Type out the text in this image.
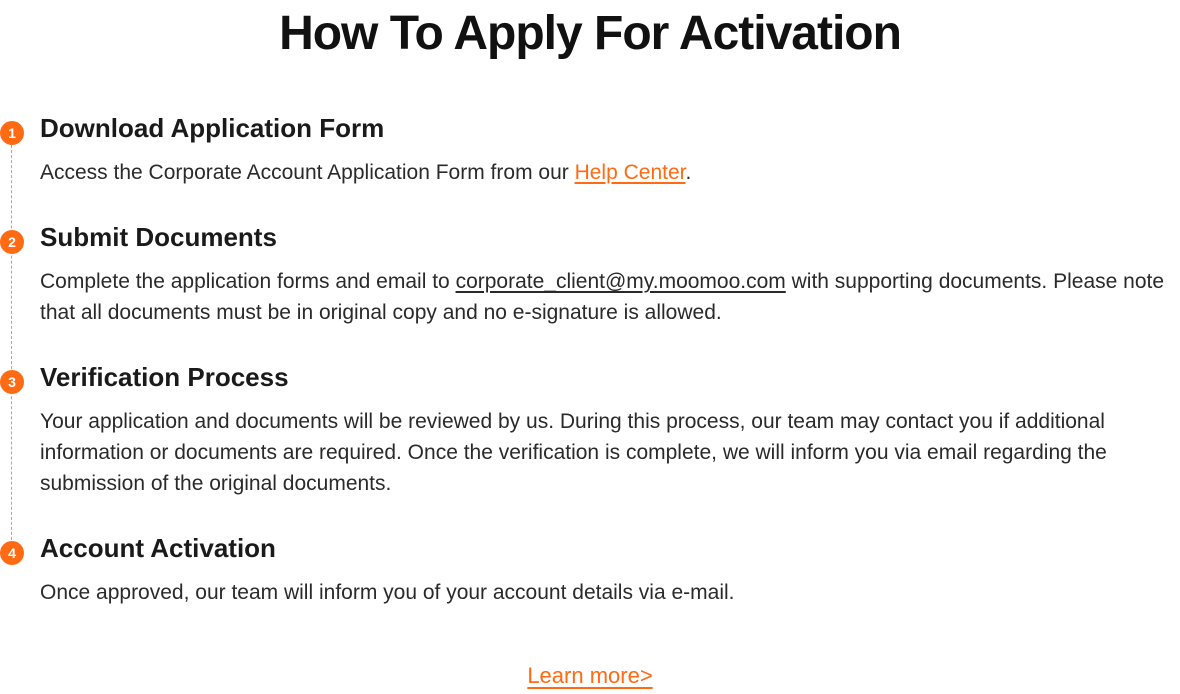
How To Apply For Activation
1 Download Application Form

Access the Corporate Account Application Form from our Help Center.

2 Submit Documents

Complete the application forms and email to corporate_client@my.moomoo.com with supporting documents. Please note that all documents must be in original copy and no e-signature is allowed.

3 Verification Process

Your application and documents will be reviewed by us. During this process, our team may contact you if additional information or documents are required. Once the verification is complete, we will inform you via email regarding the submission of the original documents.

4 Account Activation

Once approved, our team will inform you of your account details via e-mail.

Learn more>
